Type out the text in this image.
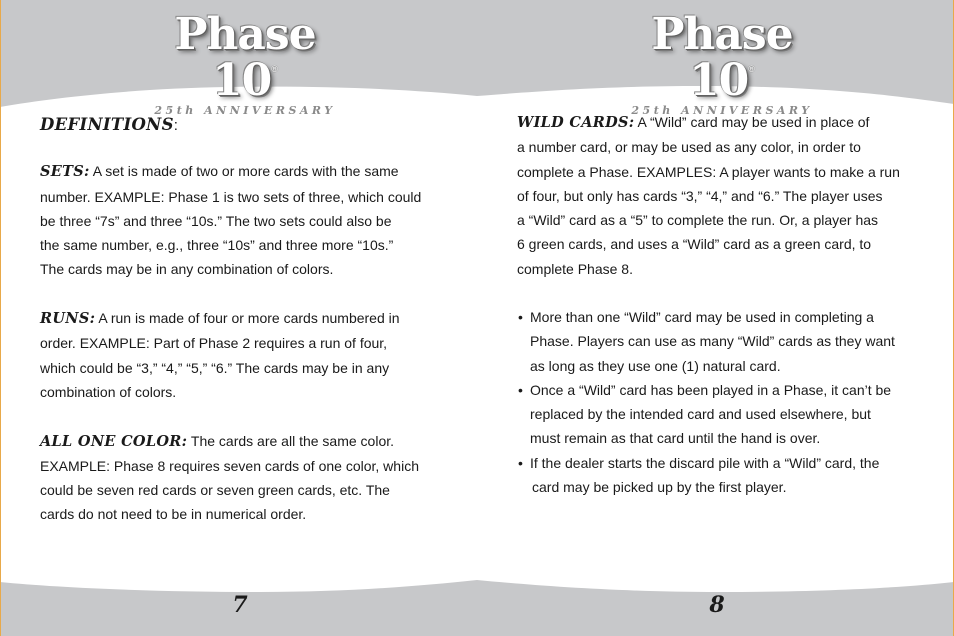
Phase 10®
25th ANNIVERSARY
DEFINITIONS:
SETS: A set is made of two or more cards with the same
number. EXAMPLE: Phase 1 is two sets of three, which could
be three “7s” and three “10s.” The two sets could also be
the same number, e.g., three “10s” and three more “10s.”
The cards may be in any combination of colors.
RUNS: A run is made of four or more cards numbered in
order. EXAMPLE: Part of Phase 2 requires a run of four,
which could be “3,” “4,” “5,” “6.” The cards may be in any
combination of colors.
ALL ONE COLOR: The cards are all the same color.
EXAMPLE: Phase 8 requires seven cards of one color, which
could be seven red cards or seven green cards, etc. The
cards do not need to be in numerical order.
7
Phase 10®
25th ANNIVERSARY
WILD CARDS: A “Wild” card may be used in place of
a number card, or may be used as any color, in order to
complete a Phase. EXAMPLES: A player wants to make a run
of four, but only has cards “3,” “4,” and “6.” The player uses
a “Wild” card as a “5” to complete the run. Or, a player has
6 green cards, and uses a “Wild” card as a green card, to
complete Phase 8.
• More than one “Wild” card may be used in completing a
Phase. Players can use as many “Wild” cards as they want
as long as they use one (1) natural card.
• Once a “Wild” card has been played in a Phase, it can’t be
replaced by the intended card and used elsewhere, but
must remain as that card until the hand is over.
• If the dealer starts the discard pile with a “Wild” card, the
card may be picked up by the first player.
8
